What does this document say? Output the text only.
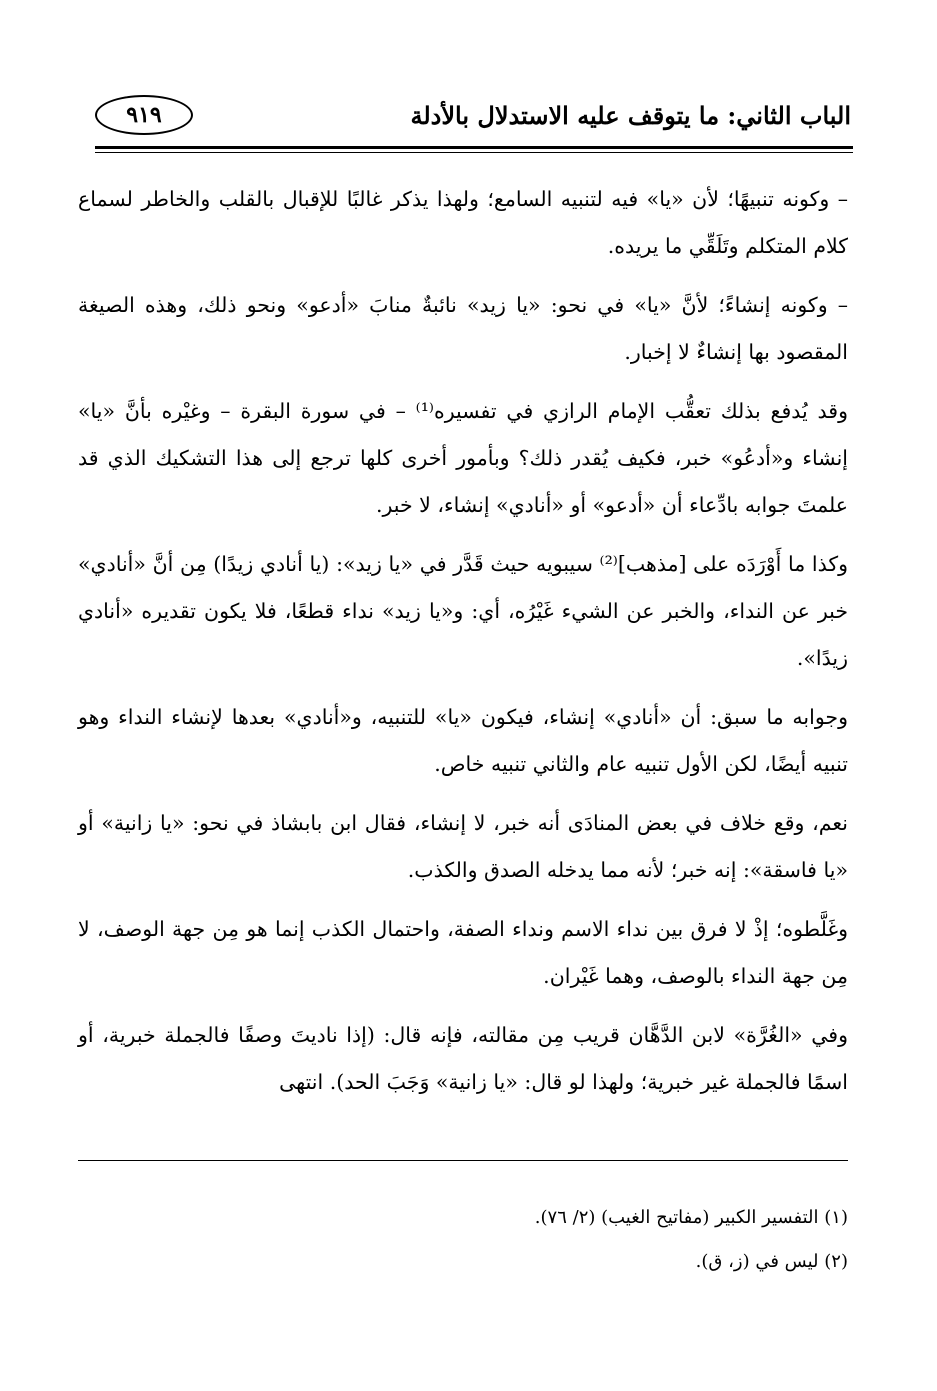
الباب الثاني: ما يتوقف عليه الاستدلال بالأدلة
٩١٩

– وكونه تنبيهًا؛ لأن «يا» فيه لتنبيه السامع؛ ولهذا يذكر غالبًا للإقبال بالقلب والخاطر لسماع كلام المتكلم وتَلَقِّي ما يريده.

– وكونه إنشاءً؛ لأنَّ «يا» في نحو: «يا زيد» نائبةٌ منابَ «أدعو» ونحو ذلك، وهذه الصيغة المقصود بها إنشاءٌ لا إخبار.

وقد يُدفع بذلك تعقُّب الإمام الرازي في تفسيره⁽¹⁾ – في سورة البقرة – وغيْره بأنَّ «يا» إنشاء و«أدعُو» خبر، فكيف يُقدر ذلك؟ وبأمور أخرى كلها ترجع إلى هذا التشكيك الذي قد علمتَ جوابه بادِّعاء أن «أدعو» أو «أنادي» إنشاء، لا خبر.

وكذا ما أَوْرَدَه على [مذهب]⁽²⁾ سيبويه حيث قَدَّر في «يا زيد»: (يا أنادي زيدًا) مِن أنَّ «أنادي» خبر عن النداء، والخبر عن الشيء غَيْرُه، أي: و«يا زيد» نداء قطعًا، فلا يكون تقديره «أنادي زيدًا».

وجوابه ما سبق: أن «أنادي» إنشاء، فيكون «يا» للتنبيه، و«أنادي» بعدها لإنشاء النداء وهو تنبيه أيضًا، لكن الأول تنبيه عام والثاني تنبيه خاص.

نعم، وقع خلاف في بعض المنادَى أنه خبر، لا إنشاء، فقال ابن بابشاذ في نحو: «يا زانية» أو «يا فاسقة»: إنه خبر؛ لأنه مما يدخله الصدق والكذب.

وغَلَّطوه؛ إذْ لا فرق بين نداء الاسم ونداء الصفة، واحتمال الكذب إنما هو مِن جهة الوصف، لا مِن جهة النداء بالوصف، وهما غَيْران.

وفي «الغُرَّة» لابن الدَّهَّان قريب مِن مقالته، فإنه قال: (إذا ناديتَ وصفًا فالجملة خبرية، أو اسمًا فالجملة غير خبرية؛ ولهذا لو قال: «يا زانية» وَجَبَ الحد). انتهى

(١) التفسير الكبير (مفاتيح الغيب) (٢/ ٧٦).
(٢) ليس في (ز، ق).
